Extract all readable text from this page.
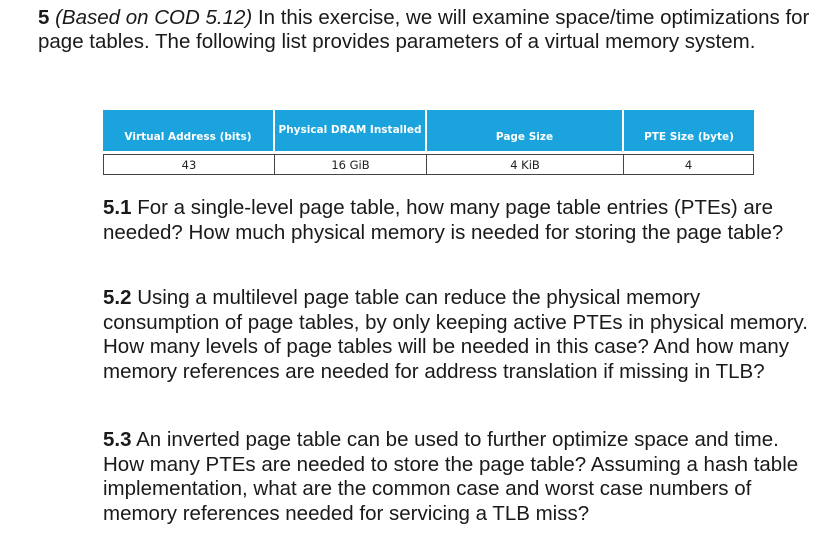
5 (Based on COD 5.12) In this exercise, we will examine space/time optimizations for page tables. The following list provides parameters of a virtual memory system.

Virtual Address (bits)	Physical DRAM Installed	Page Size	PTE Size (byte)

43	16 GiB	4 KiB	4

5.1 For a single-level page table, how many page table entries (PTEs) are needed? How much physical memory is needed for storing the page table?

5.2 Using a multilevel page table can reduce the physical memory consumption of page tables, by only keeping active PTEs in physical memory. How many levels of page tables will be needed in this case? And how many memory references are needed for address translation if missing in TLB?

5.3 An inverted page table can be used to further optimize space and time. How many PTEs are needed to store the page table? Assuming a hash table implementation, what are the common case and worst case numbers of memory references needed for servicing a TLB miss?
